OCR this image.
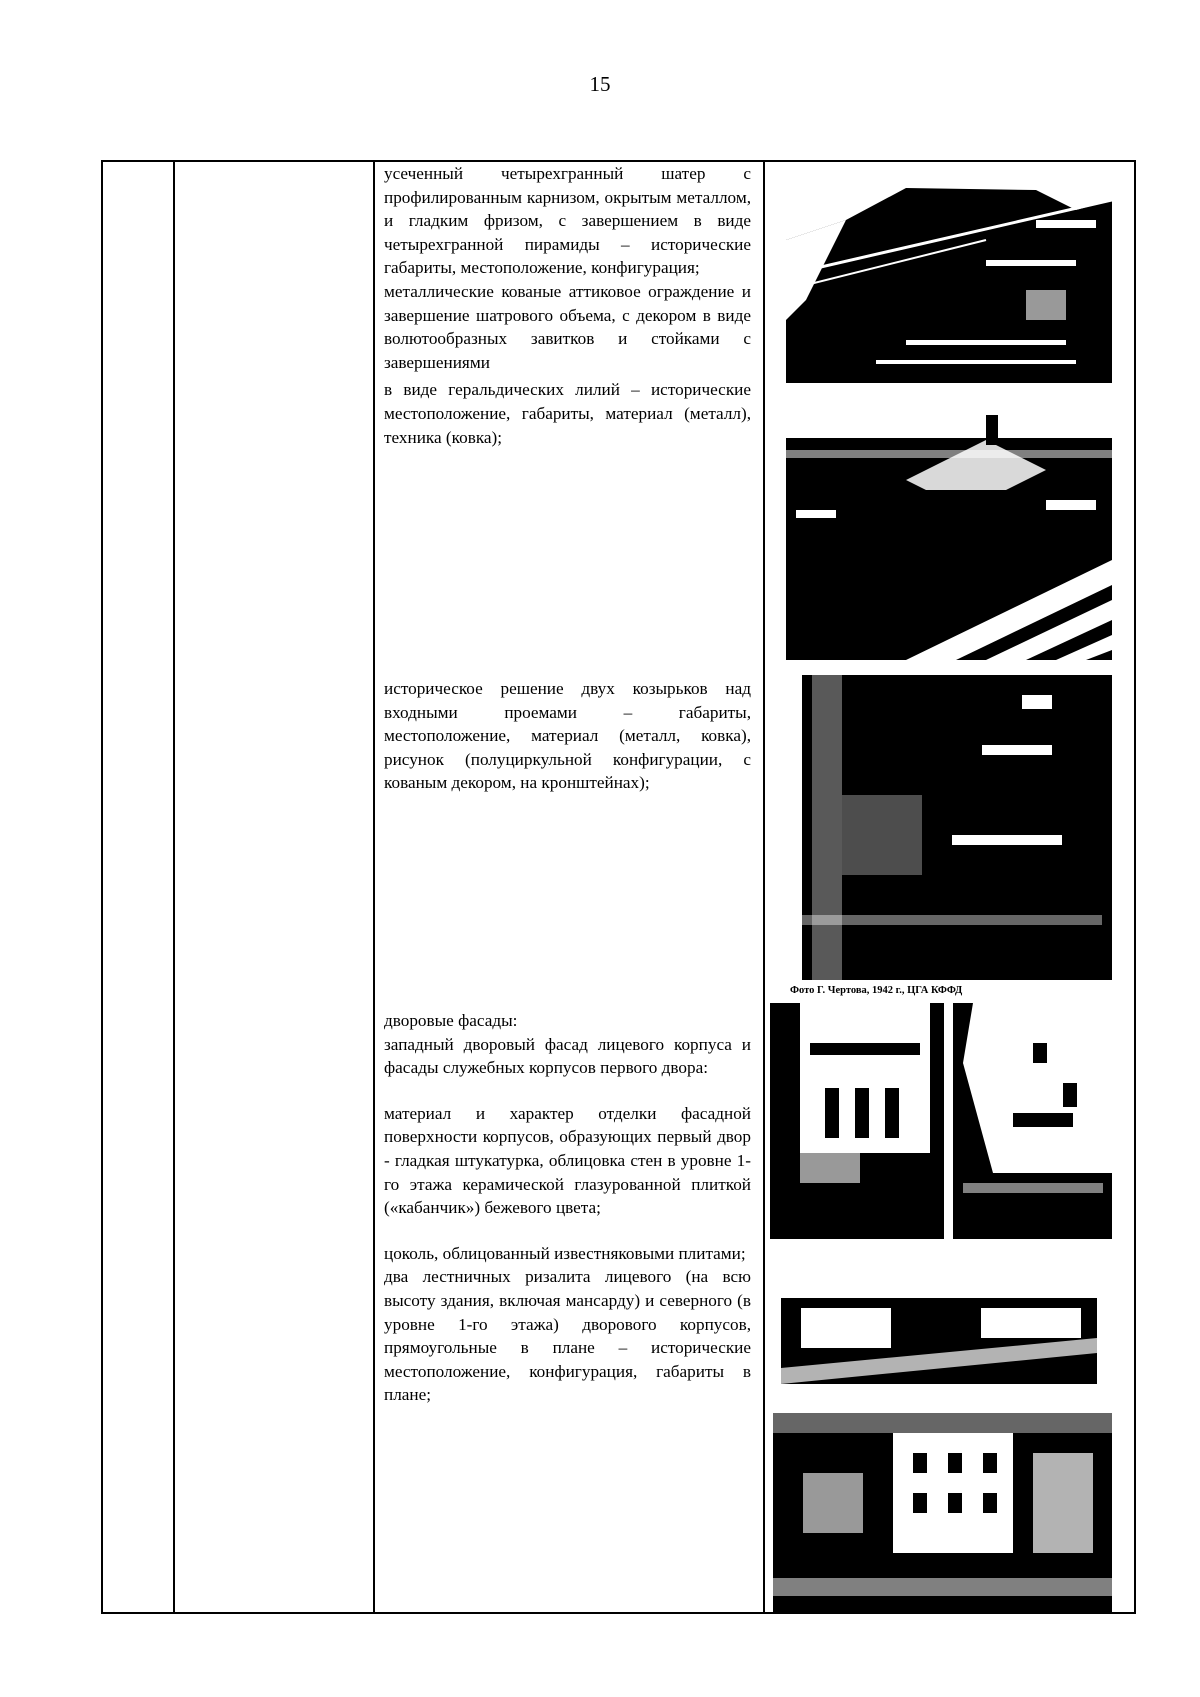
15

усеченный четырехгранный шатер с профилированным карнизом, окрытым металлом, и гладким фризом, с завершением в виде четырехгранной пирамиды – исторические габариты, местоположение, конфигурация;

металлические кованые аттиковое ограждение и завершение шатрового объема, с декором в виде волютообразных завитков и стойками с завершениями

в виде геральдических лилий – исторические местоположение, габариты, материал (металл), техника (ковка);

историческое решение двух козырьков над входными проемами – габариты, местоположение, материал (металл, ковка), рисунок (полуциркульной конфигурации, с кованым декором, на кронштейнах);

дворовые фасады:

западный дворовый фасад лицевого корпуса и фасады служебных корпусов первого двора:

материал и характер отделки фасадной поверхности корпусов, образующих первый двор - гладкая штукатурка, облицовка стен в уровне 1-го этажа керамической глазурованной плиткой («кабанчик») бежевого цвета;

цоколь, облицованный известняковыми плитами;

два лестничных ризалита лицевого (на всю высоту здания, включая мансарду) и северного (в уровне 1-го этажа) дворового корпусов, прямоугольные в плане – исторические местоположение, конфигурация, габариты в плане;

Фото Г. Чертова, 1942 г., ЦГА КФФД
